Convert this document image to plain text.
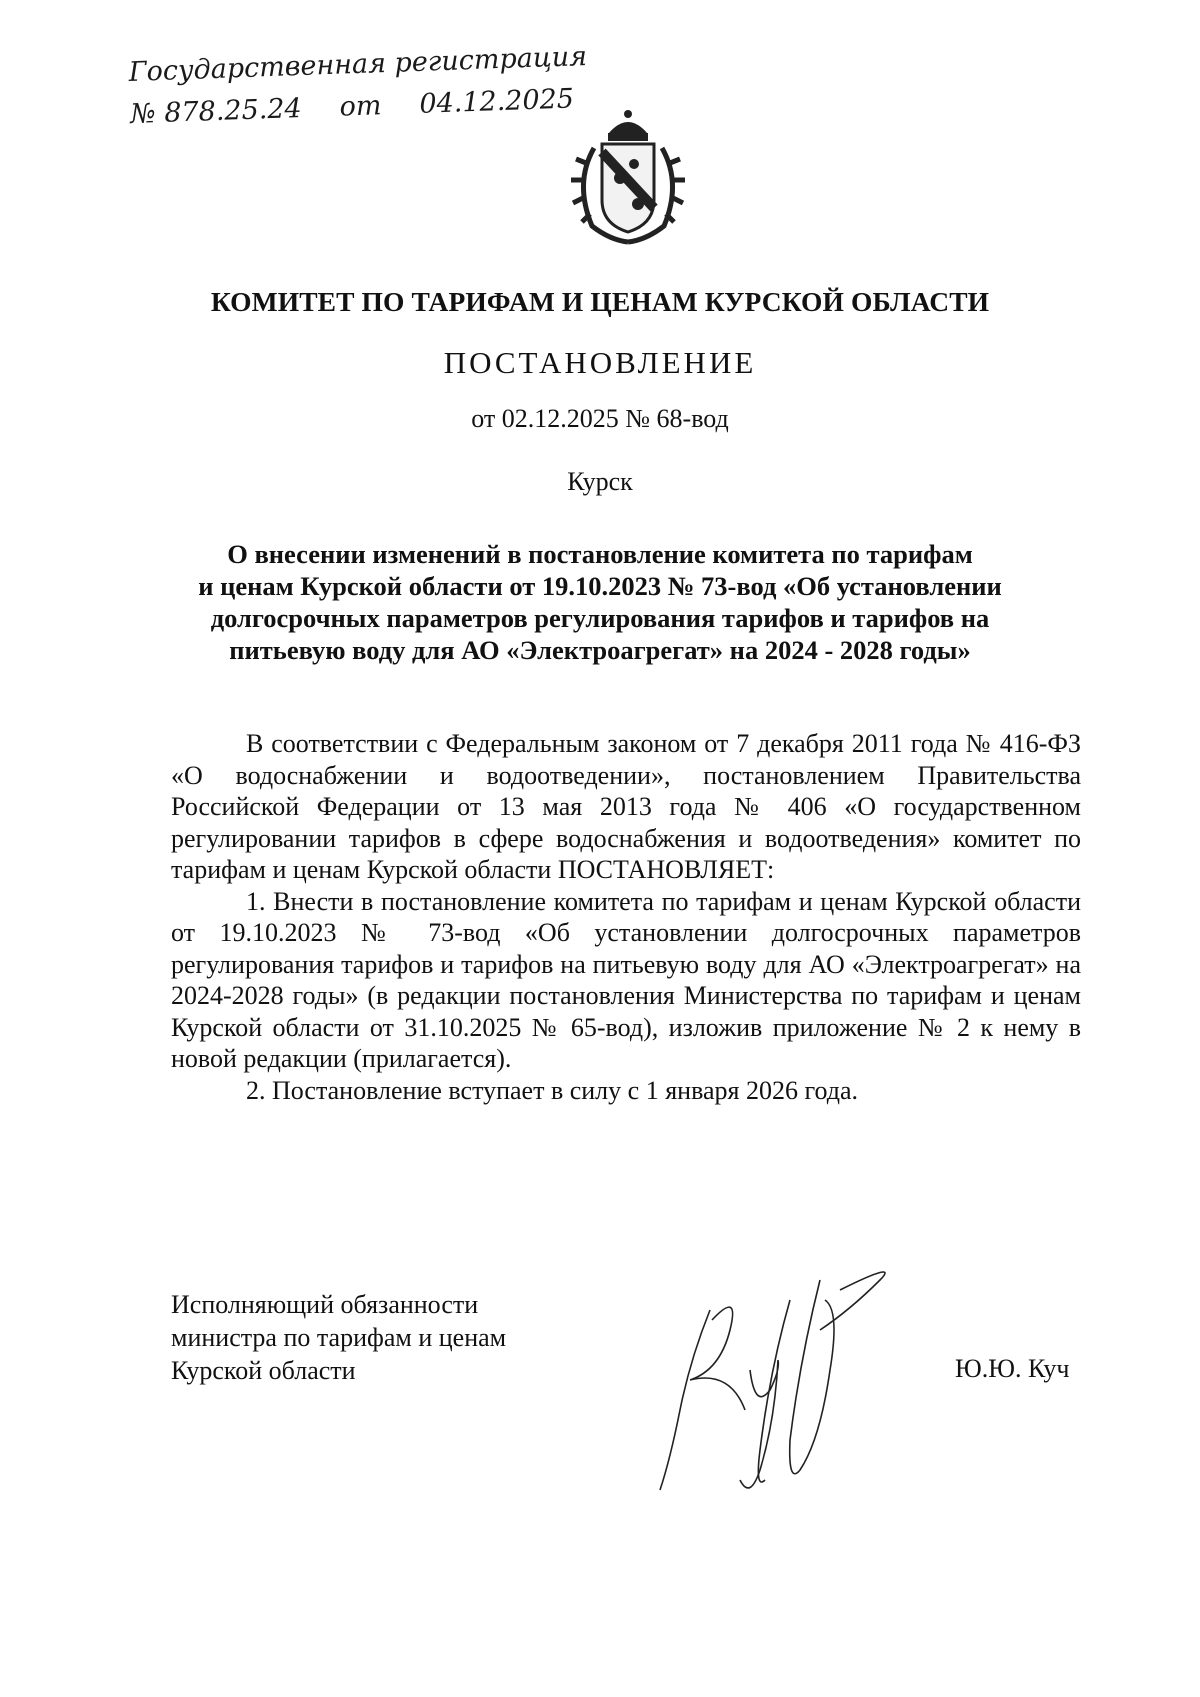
Государственная регистрация
№ 878.25.24 от 04.12.2025
КОМИТЕТ ПО ТАРИФАМ И ЦЕНАМ КУРСКОЙ ОБЛАСТИ
ПОСТАНОВЛЕНИЕ
от 02.12.2025 № 68-вод
Курск
О внесении изменений в постановление комитета по тарифам
и ценам Курской области от 19.10.2023 № 73-вод «Об установлении
долгосрочных параметров регулирования тарифов и тарифов на
питьевую воду для АО «Электроагрегат» на 2024 - 2028 годы»

В соответствии с Федеральным законом от 7 декабря 2011 года № 416-ФЗ «О водоснабжении и водоотведении», постановлением Правительства Российской Федерации от 13 мая 2013 года № 406 «О государственном регулировании тарифов в сфере водоснабжения и водоотведения» комитет по тарифам и ценам Курской области ПОСТАНОВЛЯЕТ:

1. Внести в постановление комитета по тарифам и ценам Курской области от 19.10.2023 № 73-вод «Об установлении долгосрочных параметров регулирования тарифов и тарифов на питьевую воду для АО «Электроагрегат» на 2024-2028 годы» (в редакции постановления Министерства по тарифам и ценам Курской области от 31.10.2025 № 65-вод), изложив приложение № 2 к нему в новой редакции (прилагается).

2. Постановление вступает в силу с 1 января 2026 года.

Исполняющий обязанности
министра по тарифам и ценам
Курской области	Ю.Ю. Куч
